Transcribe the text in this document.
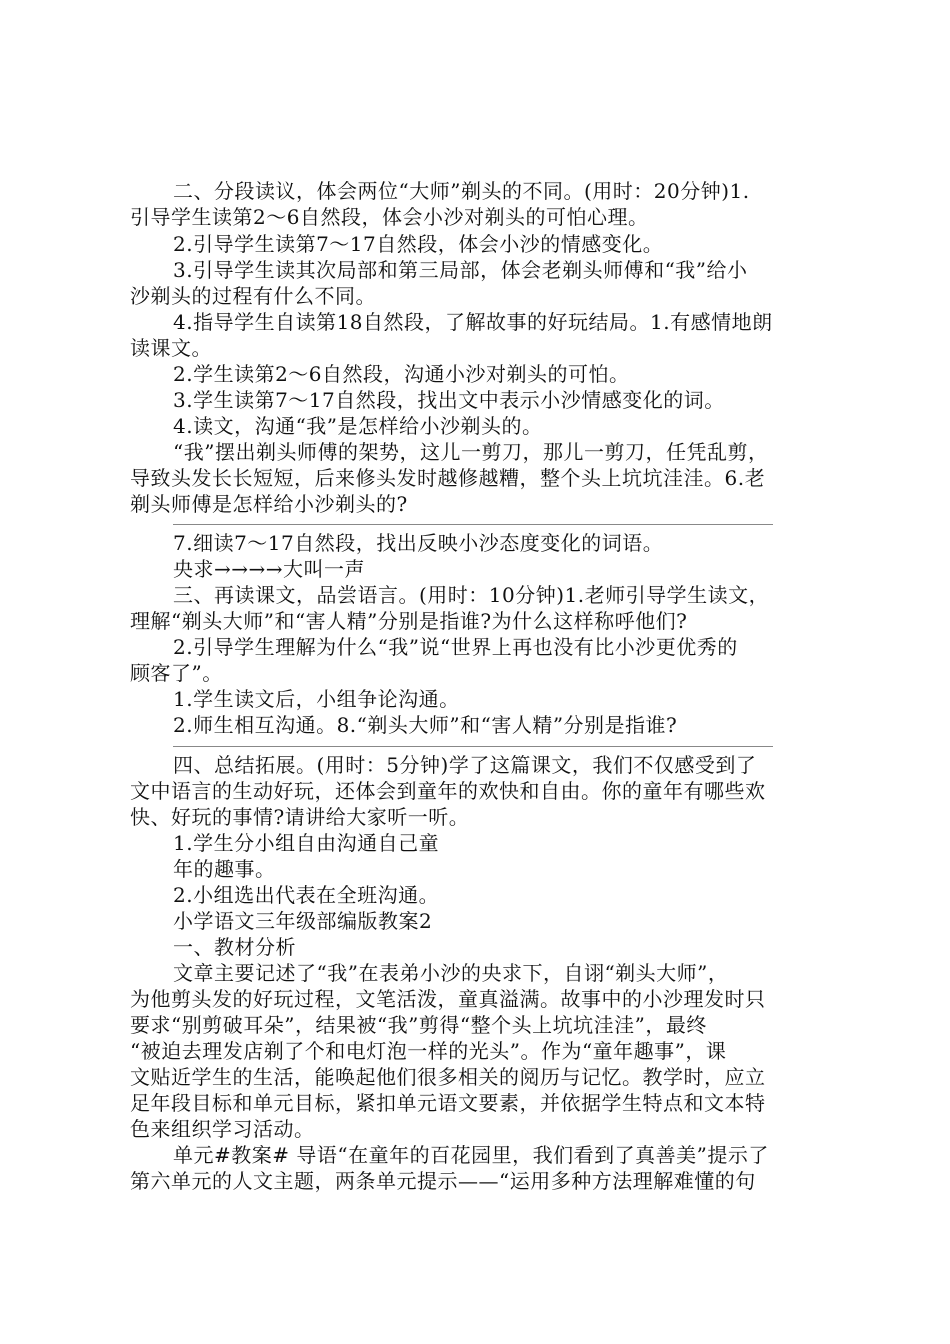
二、分段读议，体会两位“大师”剃头的不同。(用时：20分钟)1.
引导学生读第2～6自然段，体会小沙对剃头的可怕心理。
2.引导学生读第7～17自然段，体会小沙的情感变化。
3.引导学生读其次局部和第三局部，体会老剃头师傅和“我”给小
沙剃头的过程有什么不同。
4.指导学生自读第18自然段，了解故事的好玩结局。1.有感情地朗
读课文。
2.学生读第2～6自然段，沟通小沙对剃头的可怕。
3.学生读第7～17自然段，找出文中表示小沙情感变化的词。
4.读文，沟通“我”是怎样给小沙剃头的。
“我”摆出剃头师傅的架势，这儿一剪刀，那儿一剪刀，任凭乱剪，
导致头发长长短短，后来修头发时越修越糟，整个头上坑坑洼洼。6.老
剃头师傅是怎样给小沙剃头的?
7.细读7～17自然段，找出反映小沙态度变化的词语。
央求→→→→大叫一声
三、再读课文，品尝语言。(用时：10分钟)1.老师引导学生读文，
理解“剃头大师”和“害人精”分别是指谁?为什么这样称呼他们?
2.引导学生理解为什么“我”说“世界上再也没有比小沙更优秀的
顾客了”。
1.学生读文后，小组争论沟通。
2.师生相互沟通。8.“剃头大师”和“害人精”分别是指谁?
四、总结拓展。(用时：5分钟)学了这篇课文，我们不仅感受到了
文中语言的生动好玩，还体会到童年的欢快和自由。你的童年有哪些欢
快、好玩的事情?请讲给大家听一听。
1.学生分小组自由沟通自己童
年的趣事。
2.小组选出代表在全班沟通。
小学语文三年级部编版教案2
一、教材分析
文章主要记述了“我”在表弟小沙的央求下，自诩“剃头大师”，
为他剪头发的好玩过程，文笔活泼，童真溢满。故事中的小沙理发时只
要求“别剪破耳朵”，结果被“我”剪得“整个头上坑坑洼洼”，最终
“被迫去理发店剃了个和电灯泡一样的光头”。作为“童年趣事”，课
文贴近学生的生活，能唤起他们很多相关的阅历与记忆。教学时，应立
足年段目标和单元目标，紧扣单元语文要素，并依据学生特点和文本特
色来组织学习活动。
单元#教案# 导语“在童年的百花园里，我们看到了真善美”提示了
第六单元的人文主题，两条单元提示——“运用多种方法理解难懂的句
